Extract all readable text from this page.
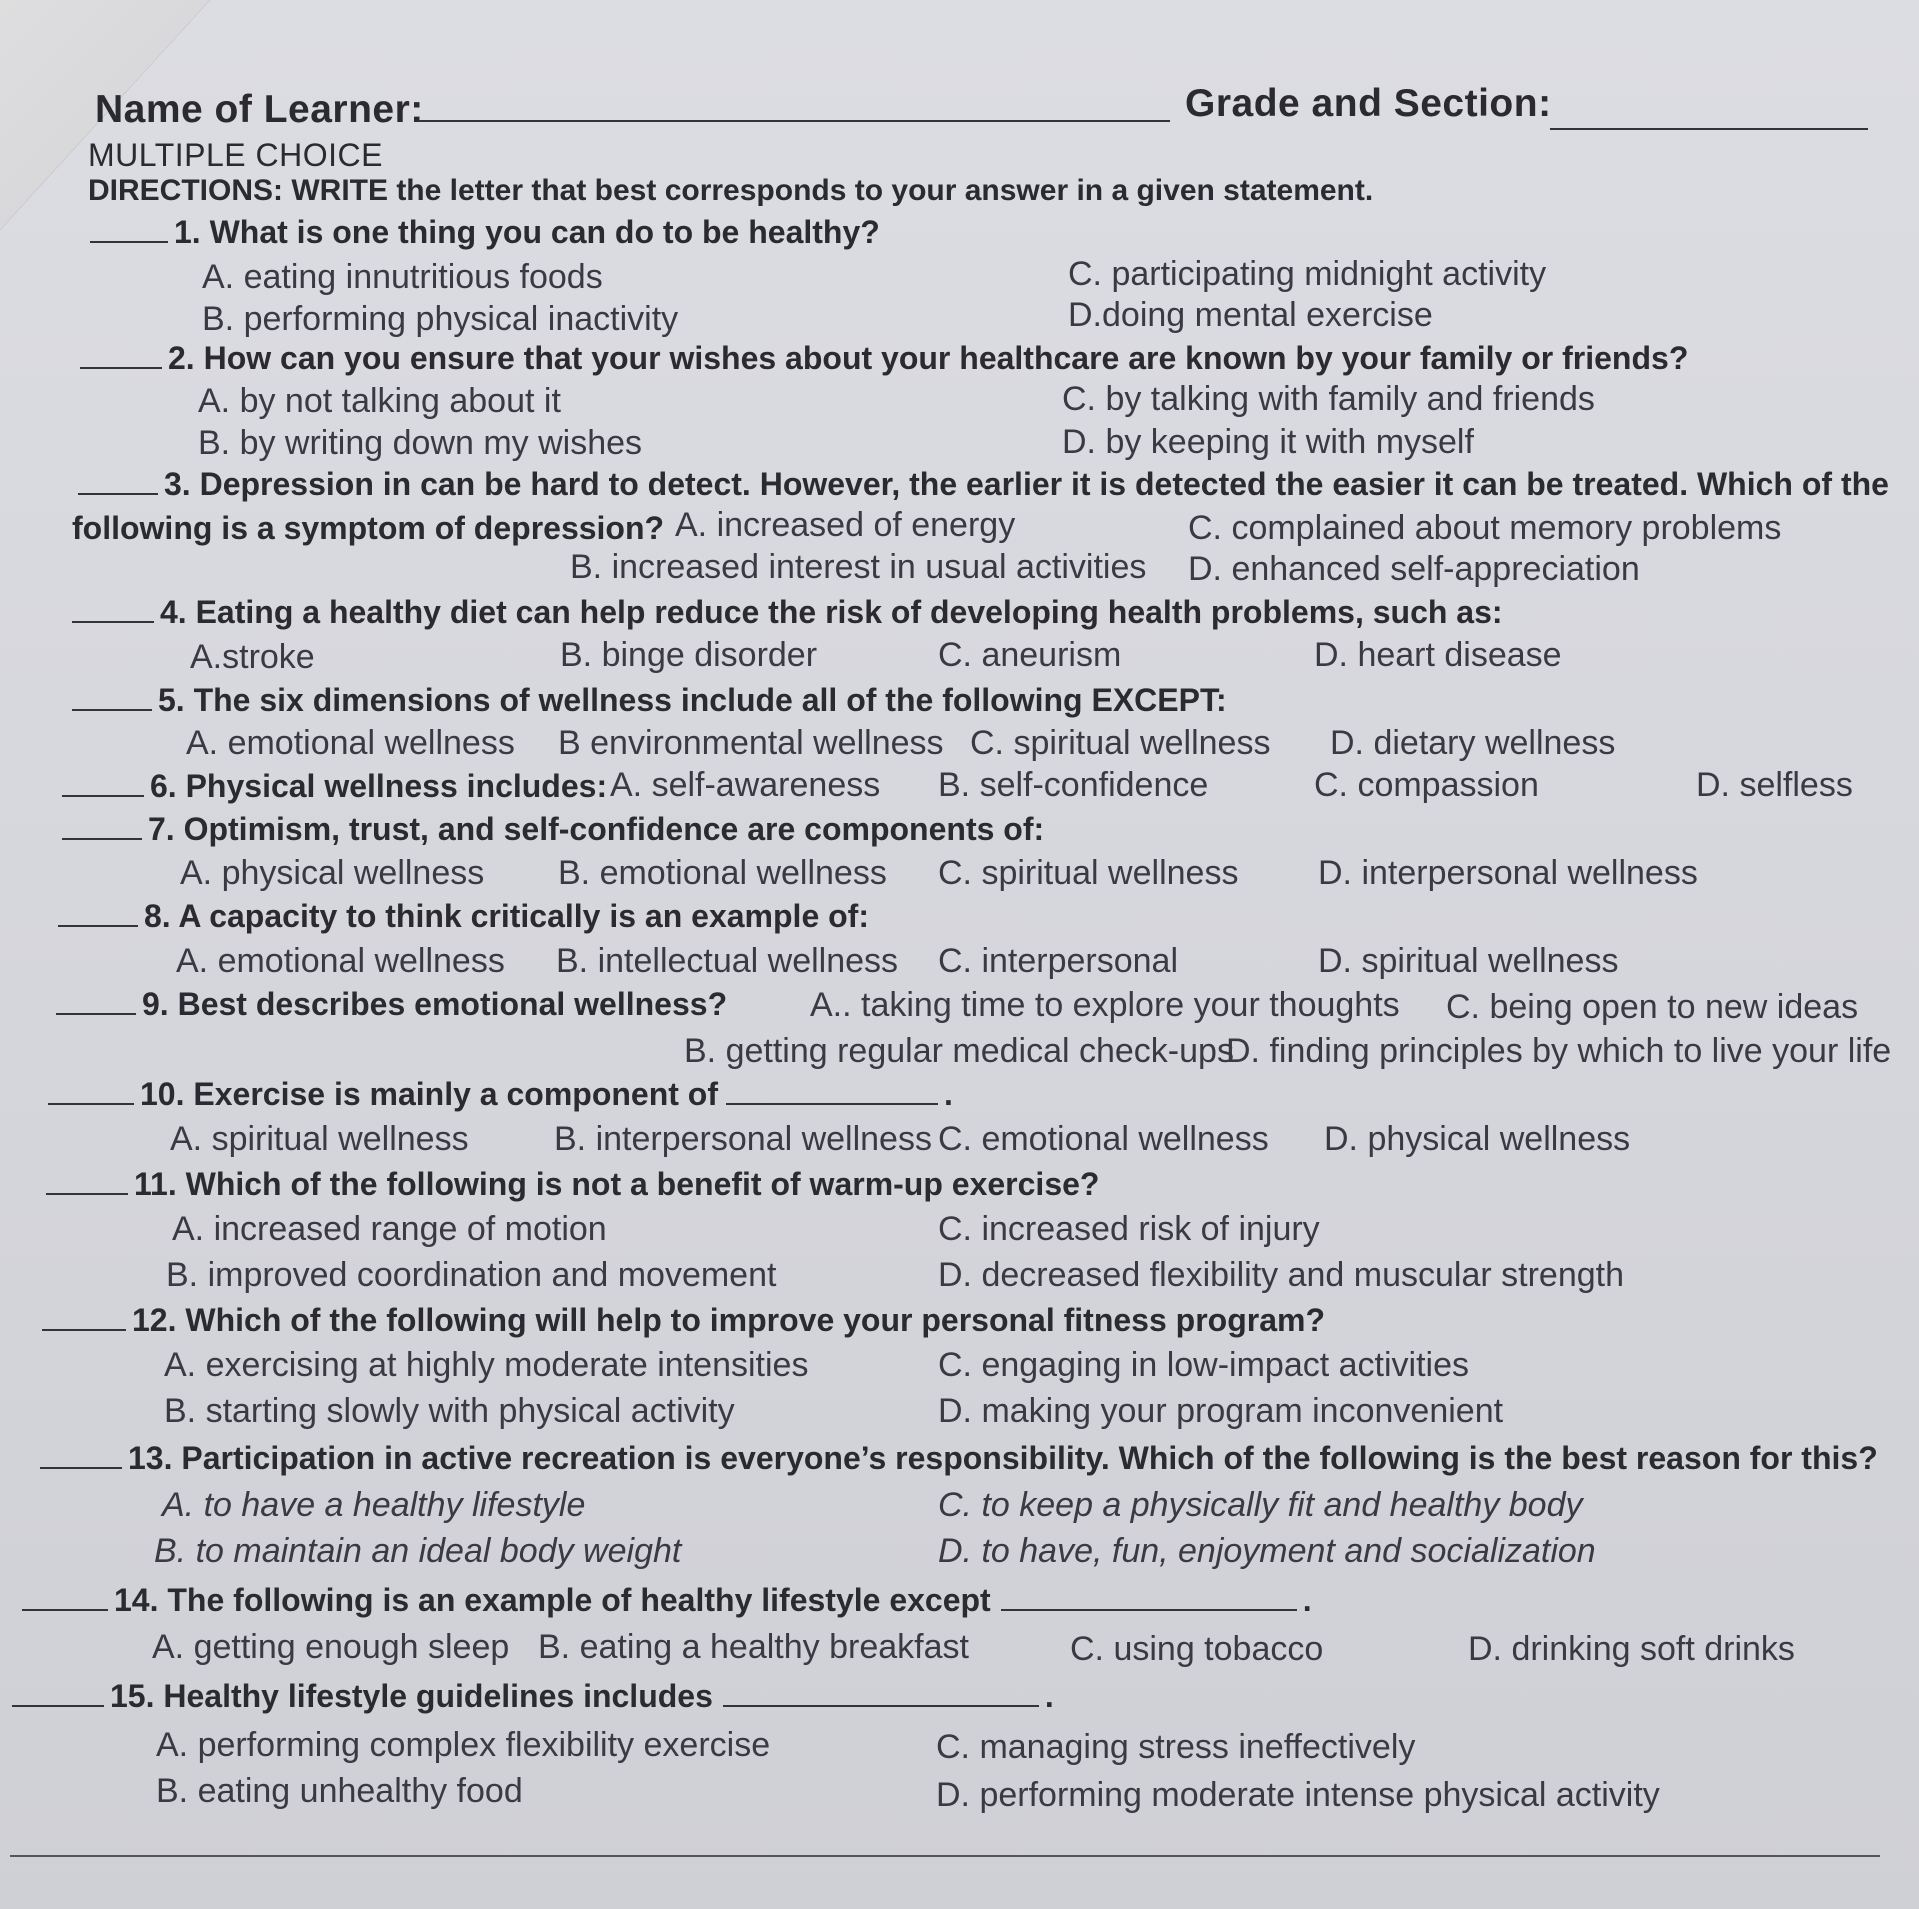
Name of Learner:	Grade and Section:
MULTIPLE CHOICE
DIRECTIONS: WRITE the letter that best corresponds to your answer in a given statement.
1. What is one thing you can do to be healthy?
A. eating innutritious foods	C. participating midnight activity
B. performing physical inactivity	D.doing mental exercise
2. How can you ensure that your wishes about your healthcare are known by your family or friends?
A. by not talking about it	C. by talking with family and friends
B. by writing down my wishes	D. by keeping it with myself
3. Depression in can be hard to detect. However, the earlier it is detected the easier it can be treated. Which of the
following is a symptom of depression? A. increased of energy	C. complained about memory problems
B. increased interest in usual activities D. enhanced self-appreciation
4. Eating a healthy diet can help reduce the risk of developing health problems, such as:
A.stroke	B. binge disorder	C. aneurism	D. heart disease
5. The six dimensions of wellness include all of the following EXCEPT:
A. emotional wellness B environmental wellness C. spiritual wellness D. dietary wellness
6. Physical wellness includes: A. self-awareness B. self-confidence	C. compassion	D. selfless
7. Optimism, trust, and self-confidence are components of:
A. physical wellness B. emotional wellness C. spiritual wellness D. interpersonal wellness
8. A capacity to think critically is an example of:
A. emotional wellness B. intellectual wellness C. interpersonal	D. spiritual wellness
9. Best describes emotional wellness? A.. taking time to explore your thoughts C. being open to new ideas
B. getting regular medical check-ups
D. finding principles by which to live your life
10. Exercise is mainly a component of	.
A. spiritual wellness	B. interpersonal wellness C. emotional wellness D. physical wellness
11. Which of the following is not a benefit of warm-up exercise?
A. increased range of motion	C. increased risk of injury
B. improved coordination and movement	D. decreased flexibility and muscular strength
12. Which of the following will help to improve your personal fitness program?
A. exercising at highly moderate intensities	C. engaging in low-impact activities
B. starting slowly with physical activity	D. making your program inconvenient
13. Participation in active recreation is everyone’s responsibility. Which of the following is the best reason for this?
A. to have a healthy lifestyle	C. to keep a physically fit and healthy body
B. to maintain an ideal body weight	D. to have, fun, enjoyment and socialization
14. The following is an example of healthy lifestyle except	.
A. getting enough sleep B. eating a healthy breakfast	C. using tobacco	D. drinking soft drinks
15. Healthy lifestyle guidelines includes	.
A. performing complex flexibility exercise	C. managing stress ineffectively
B. eating unhealthy food	D. performing moderate intense physical activity
